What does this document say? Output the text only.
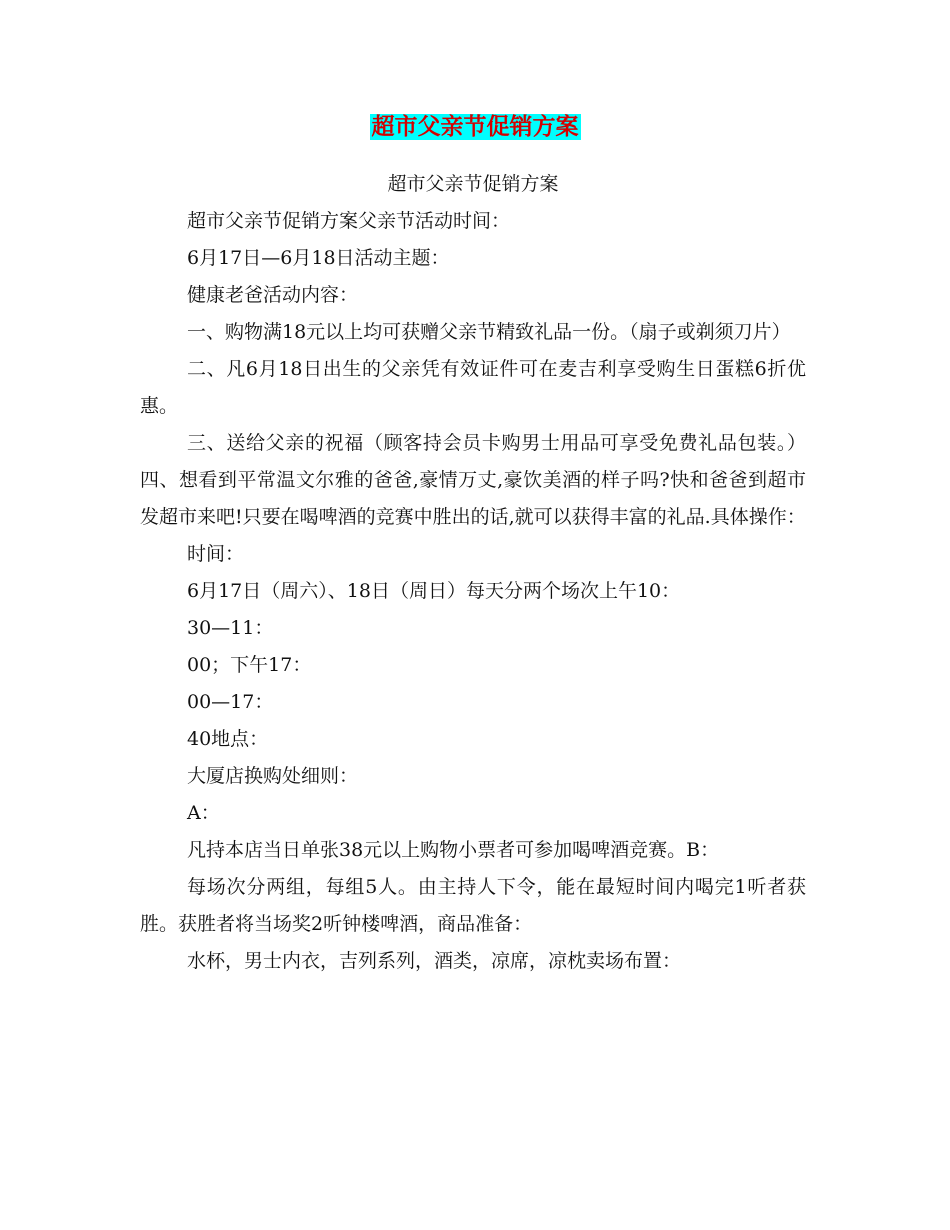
超市父亲节促销方案

超市父亲节促销方案

超市父亲节促销方案父亲节活动时间：

6月17日—6月18日活动主题：

健康老爸活动内容：

一、购物满18元以上均可获赠父亲节精致礼品一份。（扇子或剃须刀片）

二、凡6月18日出生的父亲凭有效证件可在麦吉利享受购生日蛋糕6折优惠。

三、送给父亲的祝福（顾客持会员卡购男士用品可享受免费礼品包装。）四、想看到平常温文尔雅的爸爸,豪情万丈,豪饮美酒的样子吗?快和爸爸到超市发超市来吧!只要在喝啤酒的竞赛中胜出的话,就可以获得丰富的礼品.具体操作：

时间：

6月17日（周六）、18日（周日）每天分两个场次上午10：

30—11：

00；下午17：

00—17：

40地点：

大厦店换购处细则：

A：

凡持本店当日单张38元以上购物小票者可参加喝啤酒竞赛。B：

每场次分两组，每组5人。由主持人下令，能在最短时间内喝完1听者获胜。获胜者将当场奖2听钟楼啤酒，商品准备：

水杯，男士内衣，吉列系列，酒类，凉席，凉枕卖场布置：
